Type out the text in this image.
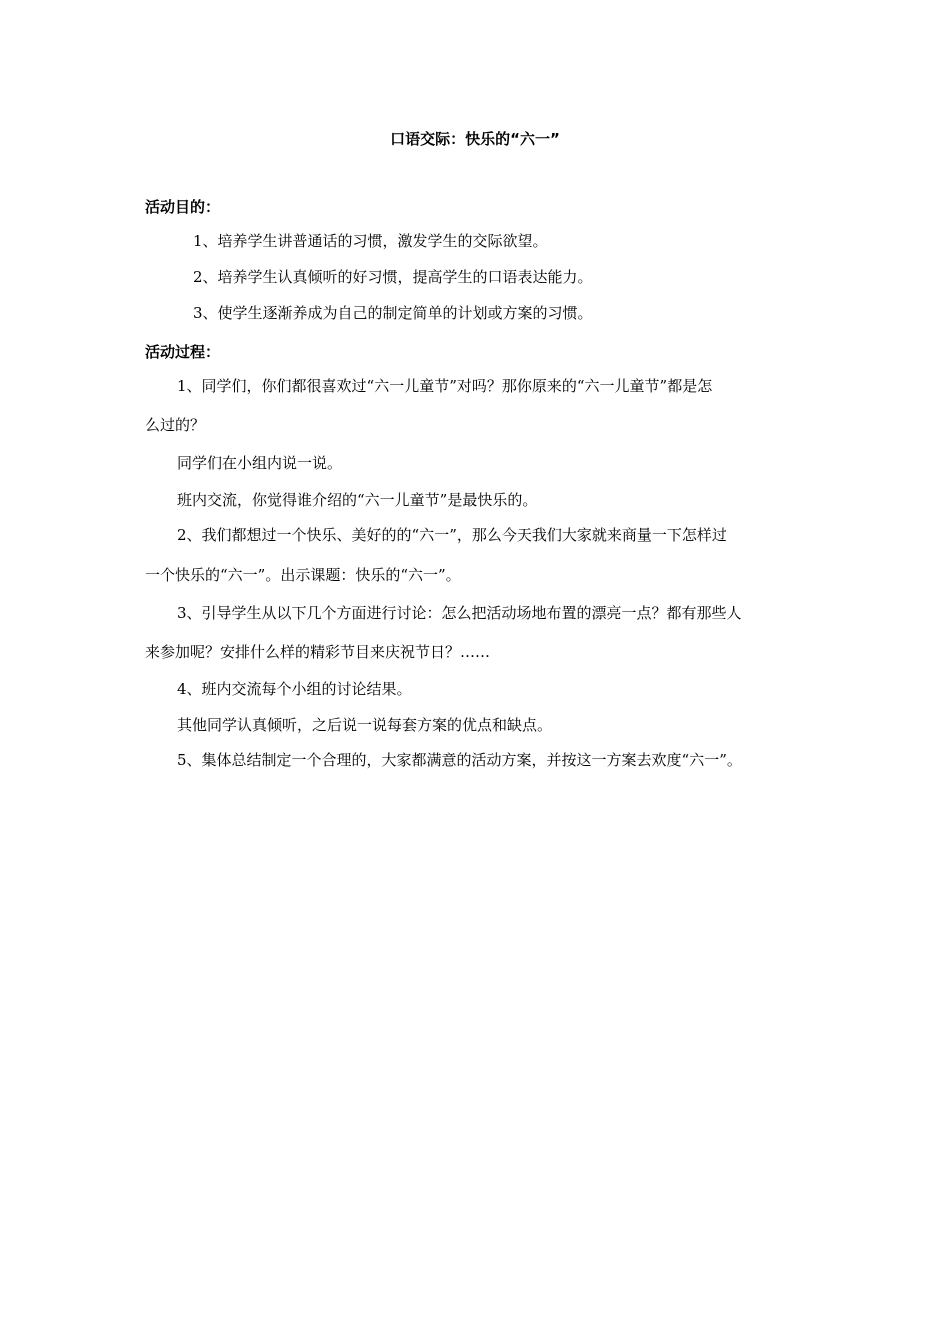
口语交际：快乐的“六一”
活动目的：
1、培养学生讲普通话的习惯，激发学生的交际欲望。
2、培养学生认真倾听的好习惯，提高学生的口语表达能力。
3、使学生逐渐养成为自己的制定简单的计划或方案的习惯。
活动过程：
1、同学们，你们都很喜欢过“六一儿童节”对吗？那你原来的“六一儿童节”都是怎
么过的？
同学们在小组内说一说。
班内交流，你觉得谁介绍的“六一儿童节”是最快乐的。
2、我们都想过一个快乐、美好的的“六一”，那么今天我们大家就来商量一下怎样过
一个快乐的“六一”。出示课题：快乐的“六一”。
3、引导学生从以下几个方面进行讨论：怎么把活动场地布置的漂亮一点？都有那些人
来参加呢？安排什么样的精彩节目来庆祝节日？……
4、班内交流每个小组的讨论结果。
其他同学认真倾听，之后说一说每套方案的优点和缺点。
5、集体总结制定一个合理的，大家都满意的活动方案，并按这一方案去欢度“六一”。
